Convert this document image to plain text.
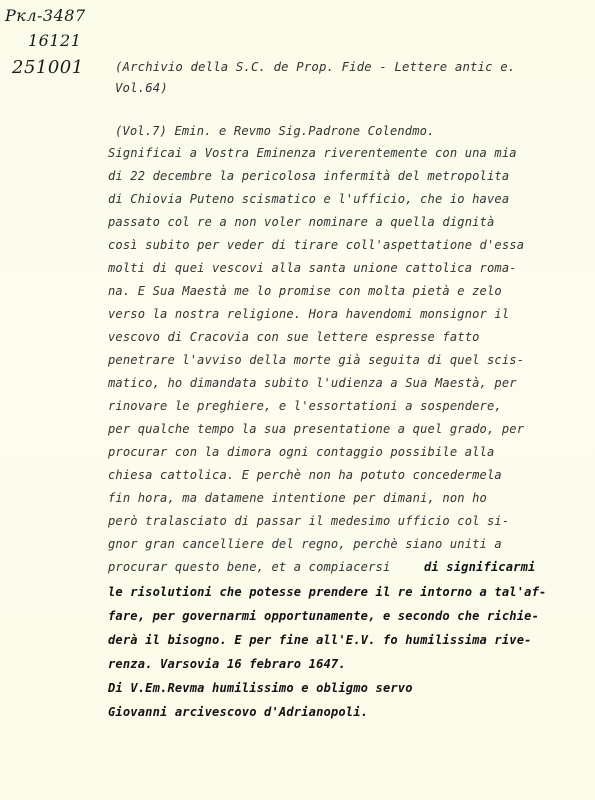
Pкл-3487
16121
251001	(Archivio della S.C. de Prop. Fide - Lettere antic e.
Vol.64)
(Vol.7) Emin. e Revmo Sig.Padrone Colendmo.
Significai a Vostra Eminenza riverentemente con una mia
di 22 decembre la pericolosa infermità del metropolita
di Chiovia Puteno scismatico e l'ufficio, che io havea
passato col re a non voler nominare a quella dignità
così subito per veder di tirare coll'aspettatione d'essa
molti di quei vescovi alla santa unione cattolica roma-
na. E Sua Maestà me lo promise con molta pietà e zelo
verso la nostra religione. Hora havendomi monsignor il
vescovo di Cracovia con sue lettere espresse fatto
penetrare l'avviso della morte già seguita di quel scis-
matico, ho dimandata subito l'udienza a Sua Maestà, per
rinovare le preghiere, e l'essortationi a sospendere,
per qualche tempo la sua presentatione a quel grado, per
procurar con la dimora ogni contaggio possibile alla
chiesa cattolica. E perchè non ha potuto concedermela
fin hora, ma datamene intentione per dimani, non ho
però tralasciato di passar il medesimo ufficio col si-
gnor gran cancelliere del regno, perchè siano uniti a
procurar questo bene, et a compiacersi	di significarmi
le risolutioni che potesse prendere il re intorno a tal'af-
fare, per governarmi opportunamente, e secondo che richie-
derà il bisogno. E per fine all'E.V. fo humilissima rive-
renza. Varsovia 16 febraro 1647.
Di V.Em.Revma humilissimo e obligmo servo
Giovanni arcivescovo d'Adrianopoli.
